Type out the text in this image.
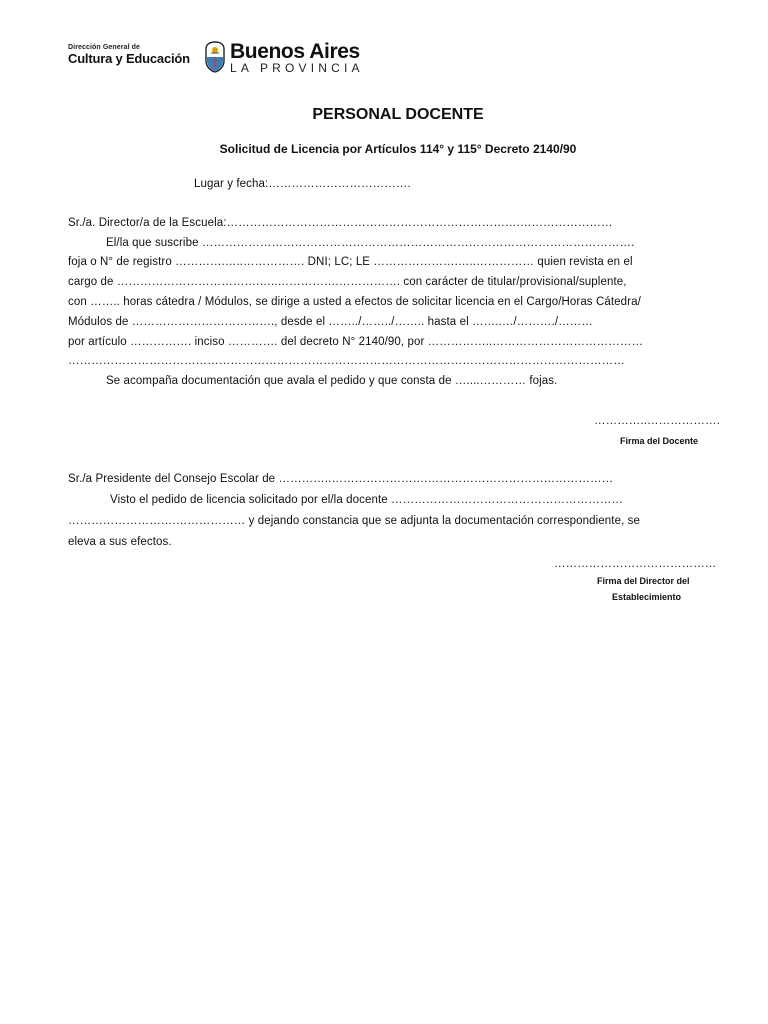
Dirección General de
Cultura y Educación Buenos Aires
LA PROVINCIA
PERSONAL DOCENTE
Solicitud de Licencia por Artículos 114° y 115° Decreto 2140/90
Lugar y fecha:……………………………….
Sr./a. Director/a de la Escuela:………………………………………………………………….……………………
El/la que suscribe ………………………………………………………………………………………………….
foja o N° de registro ………….…..……………. DNI; LC; LE ………………….…..…………… quien revista en el
cargo de ……………………………….…..…………….……………. con carácter de titular/provisional/suplente,
con …….. horas cátedra / Módulos, se dirige a usted a efectos de solicitar licencia en el Cargo/Horas Cátedra/
Módulos de ………………………………., desde el ……../……../…….. hasta el ……..…/………./………
por artículo ……………. inciso …………. del decreto N° 2140/90, por ……………..…………………………………
………………………………………………………………………………………………………………………………
Se acompaña documentación que avala el pedido y que consta de …....………… fojas.
…………..……………….
Firma del Docente
Sr./a Presidente del Consejo Escolar de …………..…………………….…………………………………………
Visto el pedido de licencia solicitado por el/la docente ……………………………………………………
……………………….……………… y dejando constancia que se adjunta la documentación correspondiente, se
eleva a sus efectos.
……………………………………
Firma del Director del
Establecimiento
